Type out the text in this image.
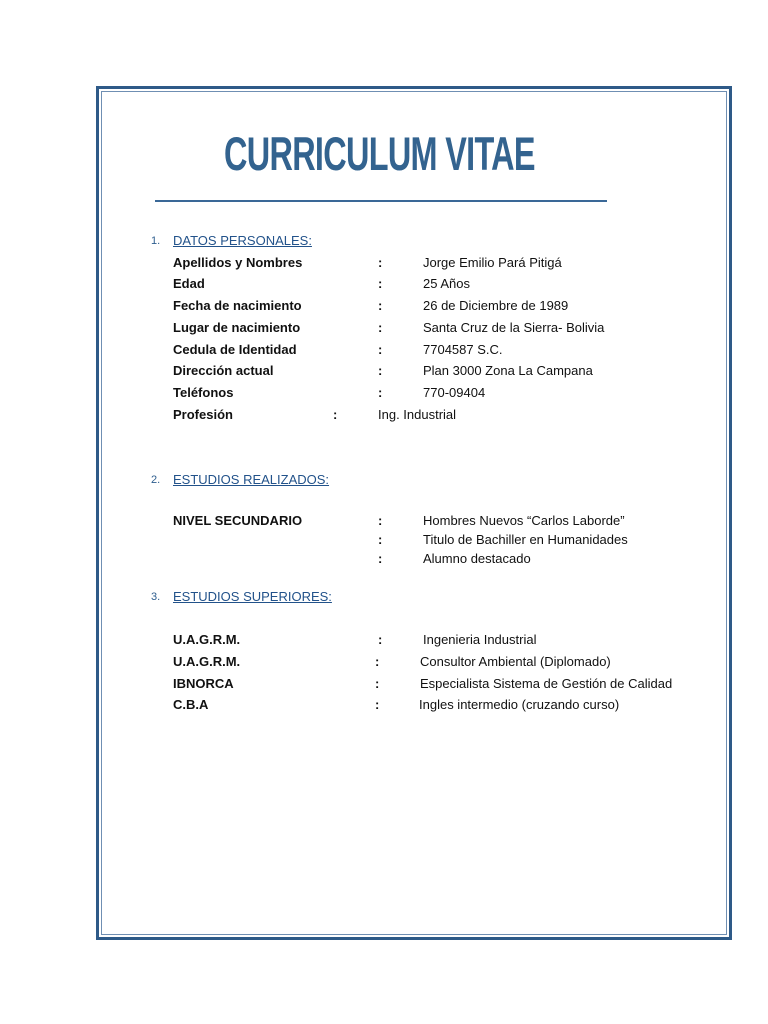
CURRICULUM VITAE
1. DATOS PERSONALES:
Apellidos y Nombres	:	Jorge Emilio Pará Pitigá
Edad	:	25 Años
Fecha de nacimiento	:	26 de Diciembre de 1989
Lugar de nacimiento	:	Santa Cruz de la Sierra- Bolivia
Cedula de Identidad	:	7704587 S.C.
Dirección actual	:	Plan 3000 Zona La Campana
Teléfonos	:	770-09404
Profesión	:	Ing. Industrial
2. ESTUDIOS REALIZADOS:
NIVEL SECUNDARIO	:	Hombres Nuevos “Carlos Laborde”
:	Titulo de Bachiller en Humanidades
:	Alumno destacado
3. ESTUDIOS SUPERIORES:
U.A.G.R.M.	:	Ingenieria Industrial
U.A.G.R.M.	:	Consultor Ambiental (Diplomado)
IBNORCA	:	Especialista Sistema de Gestión de Calidad
C.B.A	:	Ingles intermedio (cruzando curso)
